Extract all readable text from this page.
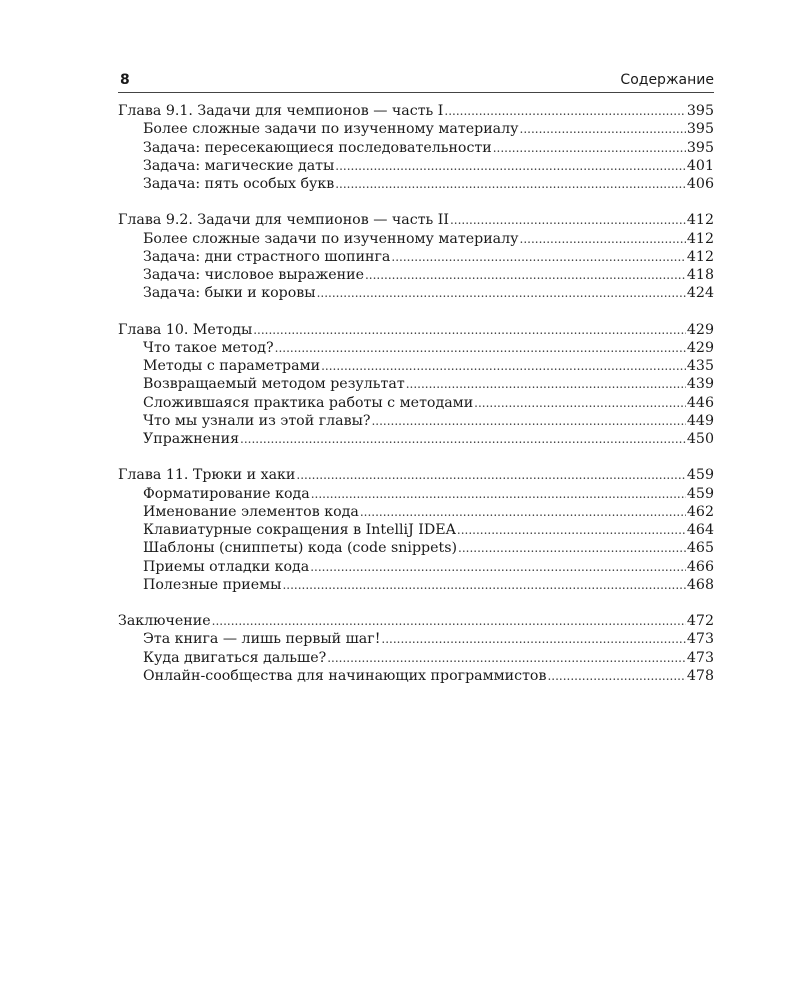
8	Содержание
Глава 9.1. Задачи для чемпионов — часть I .....	395
Более сложные задачи по изученному материалу .....	395
Задача: пересекающиеся последовательности .....	395
Задача: магические даты .....	401
Задача: пять особых букв .....	406
Глава 9.2. Задачи для чемпионов — часть II .....	412
Более сложные задачи по изученному материалу .....	412
Задача: дни страстного шопинга .....	412
Задача: числовое выражение .....	418
Задача: быки и коровы .....	424
Глава 10. Методы .....	429
Что такое метод? .....	429
Методы с параметрами .....	435
Возвращаемый методом результат .....	439
Сложившаяся практика работы с методами .....	446
Что мы узнали из этой главы? .....	449
Упражнения .....	450
Глава 11. Трюки и хаки .....	459
Форматирование кода .....	459
Именование элементов кода .....	462
Клавиатурные сокращения в IntelliJ IDEA .....	464
Шаблоны (сниппеты) кода (code snippets) .....	465
Приемы отладки кода .....	466
Полезные приемы .....	468
Заключение .....	472
Эта книга — лишь первый шаг! .....	473
Куда двигаться дальше? .....	473
Онлайн-сообщества для начинающих программистов .....	478
